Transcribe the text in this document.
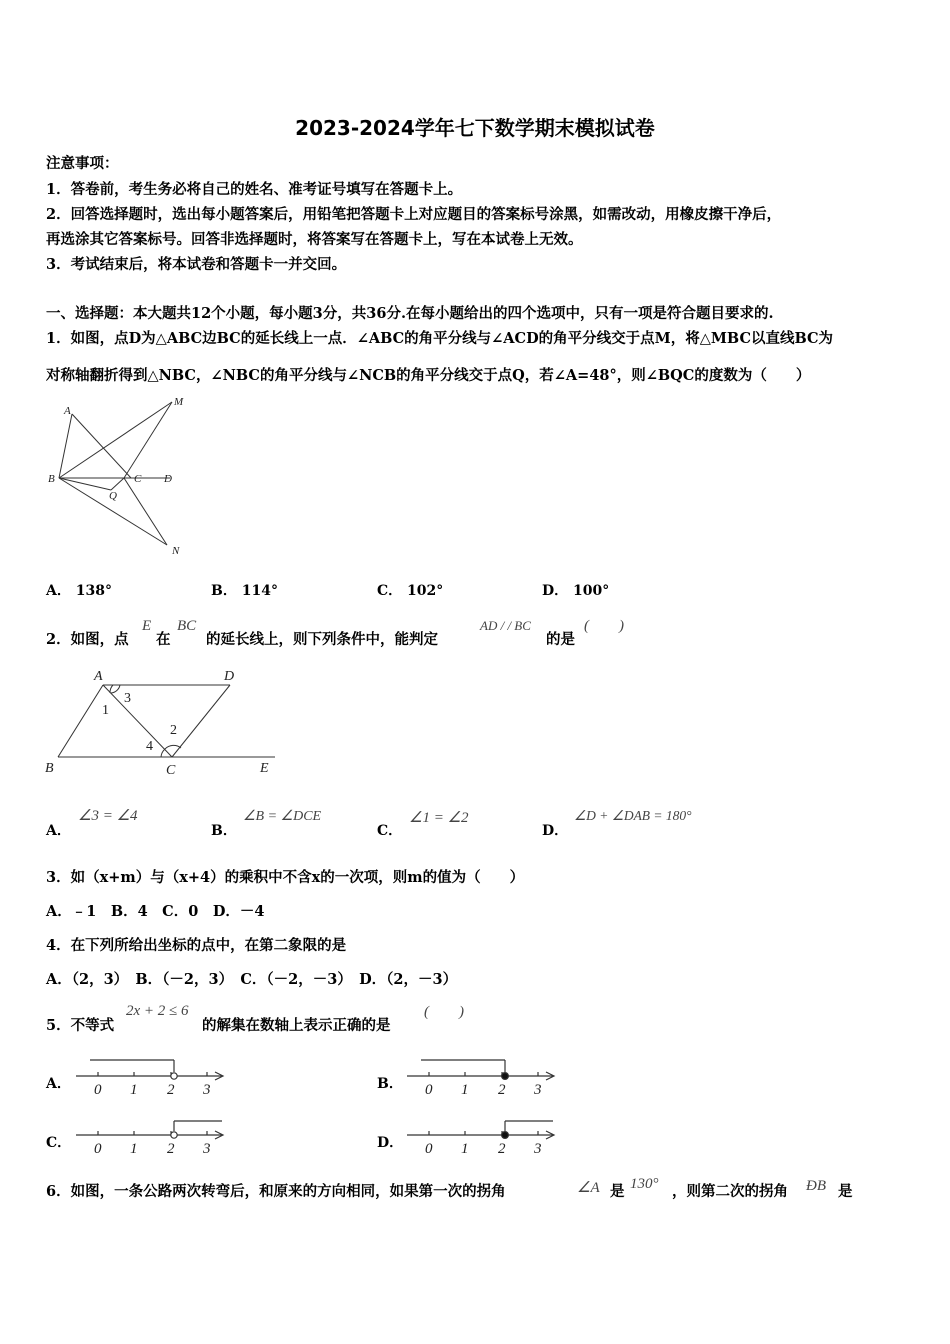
2023-2024学年七下数学期末模拟试卷
注意事项：
1．答卷前，考生务必将自己的姓名、准考证号填写在答题卡上。
2．回答选择题时，选出每小题答案后，用铅笔把答题卡上对应题目的答案标号涂黑，如需改动，用橡皮擦干净后，
再选涂其它答案标号。回答非选择题时，将答案写在答题卡上，写在本试卷上无效。
3．考试结束后，将本试卷和答题卡一并交回。
一、选择题：本大题共12个小题，每小题3分，共36分.在每小题给出的四个选项中，只有一项是符合题目要求的.
1．如图，点D为△ABC边BC的延长线上一点．∠ABC的角平分线与∠ACD的角平分线交于点M，将△MBC以直线BC为
对称轴翻折得到△NBC，∠NBC的角平分线与∠NCB的角平分线交于点Q，若∠A=48°，则∠BQC的度数为（　　）
A
M
B	C D
Q
N
A． 138°	B． 114°	C． 102°	D． 100°
2．如图，点
E
在
BC
的延长线上，则下列条件中，能判定
AD / / BC
的是
(　　)
A	D
B	C	E
1
2
3
4
A．
∠3 = ∠4
B．
∠B = ∠DCE
C．
∠1 = ∠2
D．
∠D + ∠DAB = 180°
3．如（x+m）与（x+4）的乘积中不含x的一次项，则m的值为（　　）
A．﹣1　B．4　C．0　D．－4
4．在下列所给出坐标的点中，在第二象限的是
A．（2，3）　B．（－2，3）　C．（－2，－3）　D．（2，－3）
5．不等式
2x + 2 ≤ 6
的解集在数轴上表示正确的是
(　　)
A． 0 1 2 3	B． 0 1 2 3
C． 0 1 2 3	D． 0 1 2 3
6．如图，一条公路两次转弯后，和原来的方向相同，如果第一次的拐角	∠A 是 130° ，则第二次的拐角 ÐB 是
